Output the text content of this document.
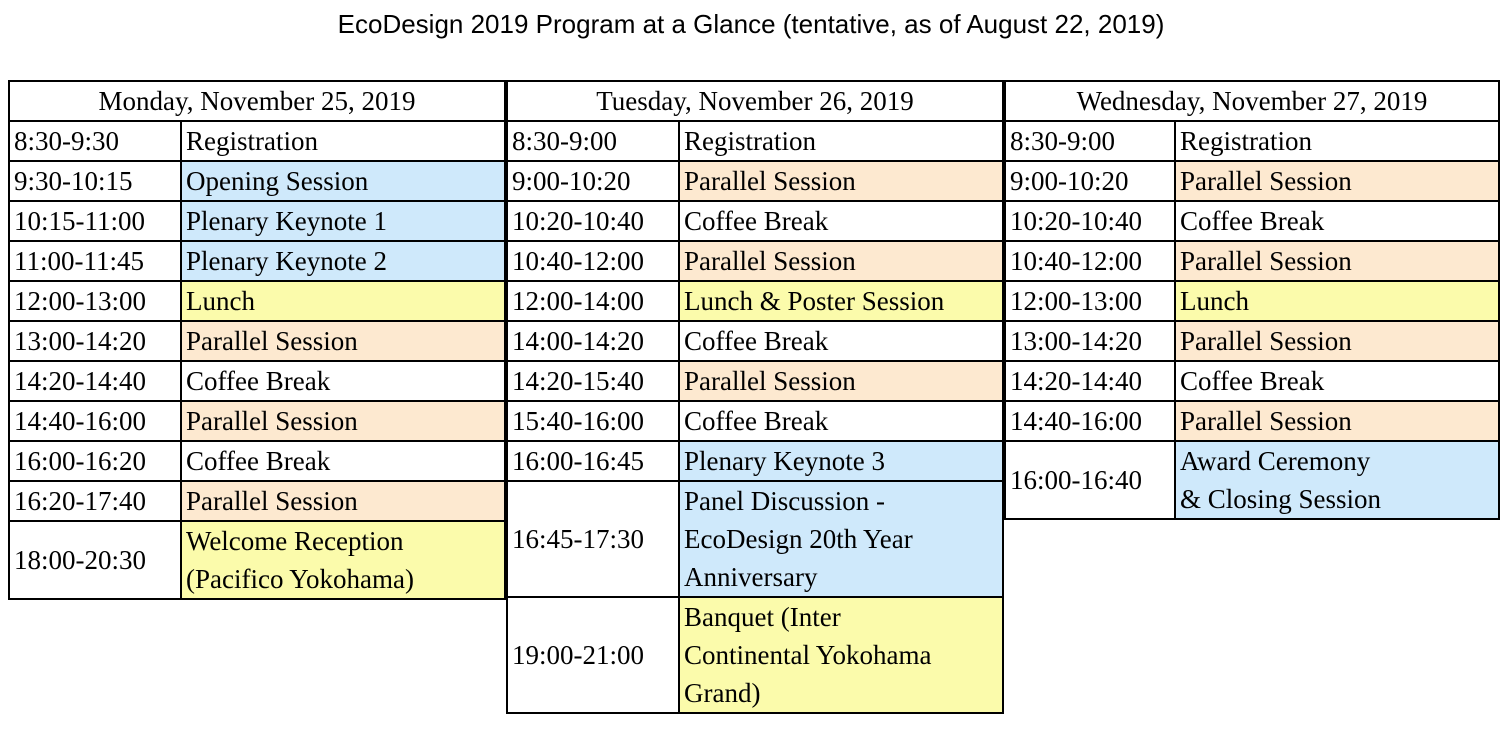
EcoDesign 2019 Program at a Glance (tentative, as of August 22, 2019)
Monday, November 25, 2019	
8:30-9:30	Registration
9:30-10:15	Opening Session
10:15-11:00	Plenary Keynote 1
11:00-11:45	Plenary Keynote 2
12:00-13:00	Lunch
13:00-14:20	Parallel Session
14:20-14:40	Coffee Break
14:40-16:00	Parallel Session
16:00-16:20	Coffee Break
16:20-17:40	Parallel Session
18:00-20:30	Welcome Reception
(Pacifico Yokohama)
Tuesday, November 26, 2019	
8:30-9:00	Registration
9:00-10:20	Parallel Session
10:20-10:40	Coffee Break
10:40-12:00	Parallel Session
12:00-14:00	Lunch & Poster Session
14:00-14:20	Coffee Break
14:20-15:40	Parallel Session
15:40-16:00	Coffee Break
16:00-16:45	Plenary Keynote 3
16:45-17:30	Panel Discussion -
EcoDesign 20th Year
Anniversary

19:00-21:00	Banquet (Inter
Continental Yokohama
Grand)
Wednesday, November 27, 2019	
8:30-9:00	Registration
9:00-10:20	Parallel Session
10:20-10:40	Coffee Break
10:40-12:00	Parallel Session
12:00-13:00	Lunch
13:00-14:20	Parallel Session
14:20-14:40	Coffee Break
14:40-16:00	Parallel Session
16:00-16:40	Award Ceremony
& Closing Session
